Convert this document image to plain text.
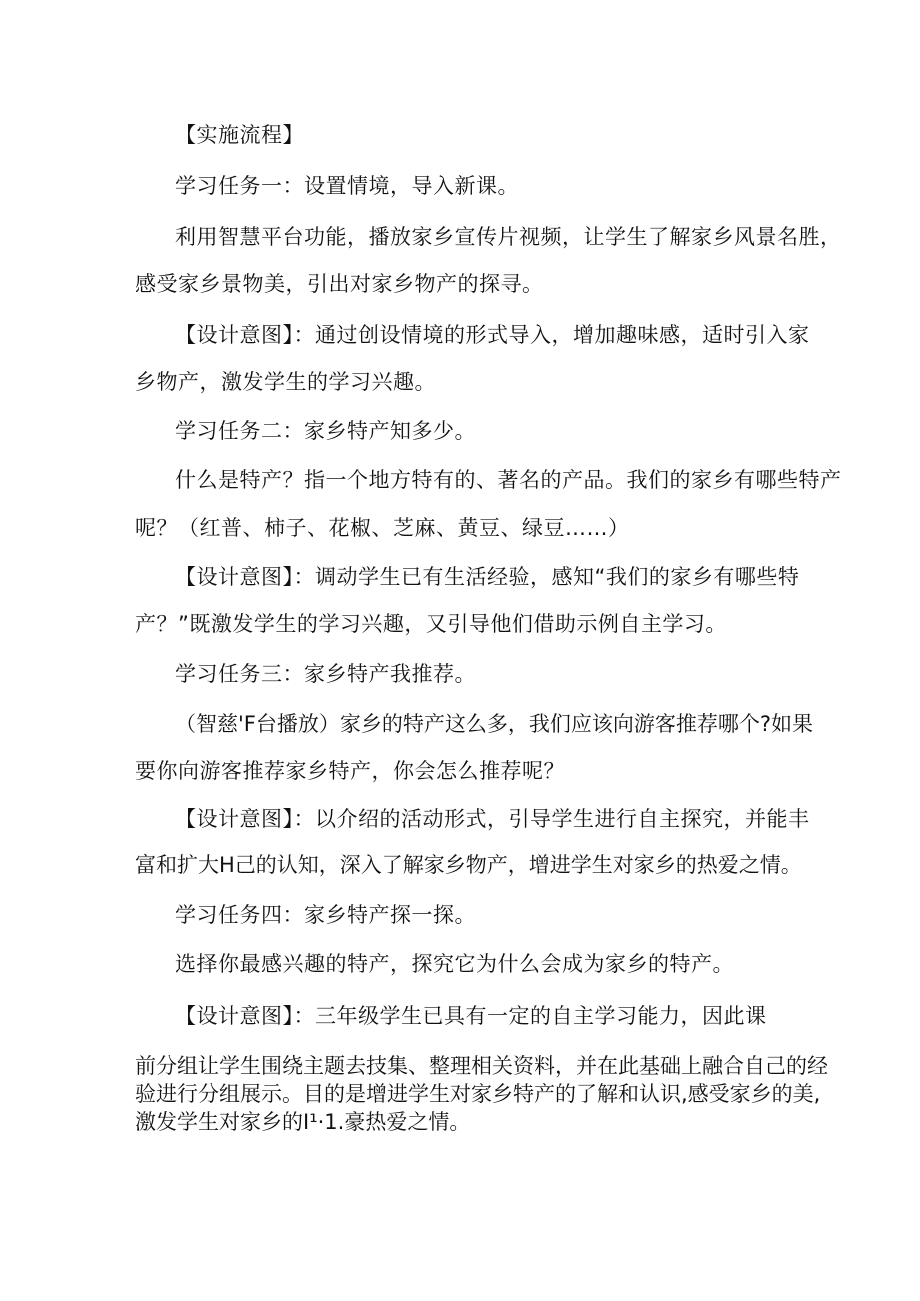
【实施流程】
学习任务一：设置情境，导入新课。
利用智慧平台功能，播放家乡宣传片视频，让学生了解家乡风景名胜，
感受家乡景物美，引出对家乡物产的探寻。
【设计意图】：通过创设情境的形式导入，增加趣味感，适时引入家
乡物产，激发学生的学习兴趣。
学习任务二：家乡特产知多少。
什么是特产？指一个地方特有的、著名的产品。我们的家乡有哪些特产
呢？（红普、柿子、花椒、芝麻、黄豆、绿豆……）
【设计意图】：调动学生已有生活经验，感知“我们的家乡有哪些特
产？”既激发学生的学习兴趣，又引导他们借助示例自主学习。
学习任务三：家乡特产我推荐。
（智慈'F台播放）家乡的特产这么多，我们应该向游客推荐哪个?如果
要你向游客推荐家乡特产，你会怎么推荐呢？
【设计意图】：以介绍的活动形式，引导学生进行自主探究，并能丰
富和扩大H己的认知，深入了解家乡物产，增进学生对家乡的热爱之情。
学习任务四：家乡特产探一探。
选择你最感兴趣的特产，探究它为什么会成为家乡的特产。
【设计意图】：三年级学生已具有一定的自主学习能力，因此课
前分组让学生围绕主题去技集、整理相关资料，并在此基础上融合自己的经
验进行分组展示。目的是增进学生对家乡特产的了解和认识,感受家乡的美,
激发学生对家乡的I¹·1.豪热爱之情。
